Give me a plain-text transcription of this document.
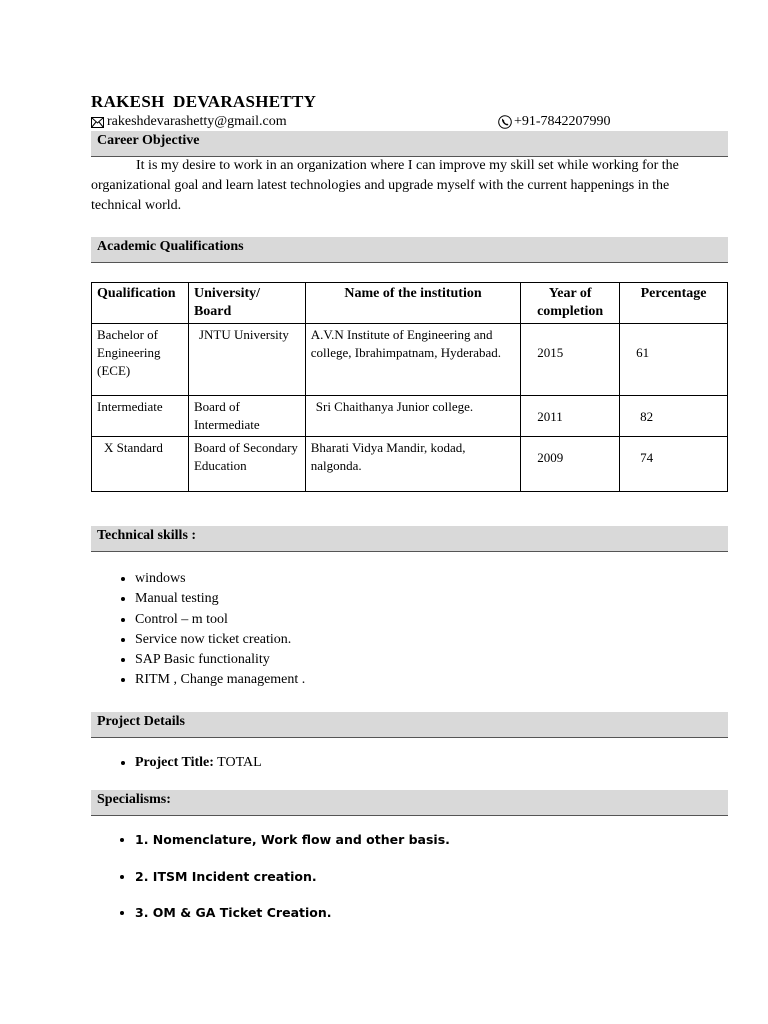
RAKESH DEVARASHETTY
rakeshdevarashetty@gmail.com	+91-7842207990
Career Objective
It is my desire to work in an organization where I can improve my skill set while working for the organizational goal and learn latest technologies and upgrade myself with the current happenings in the technical world.
Academic Qualifications
Qualification	University/ Board	Name of the institution	Year of completion	Percentage
Bachelor of Engineering (ECE)	JNTU University	A.V.N Institute of Engineering and college, Ibrahimpatnam, Hyderabad.	2015	61
Intermediate	Board of Intermediate	Sri Chaithanya Junior college.	2011	82
X Standard	Board of Secondary Education	Bharati Vidya Mandir, kodad, nalgonda.	2009	74
Technical skills :
• windows
• Manual testing
• Control – m tool
• Service now ticket creation.
• SAP Basic functionality
• RITM , Change management .
Project Details
• Project Title: TOTAL
Specialisms:
• 1. Nomenclature, Work flow and other basis.
• 2. ITSM Incident creation.
• 3. OM & GA Ticket Creation.
